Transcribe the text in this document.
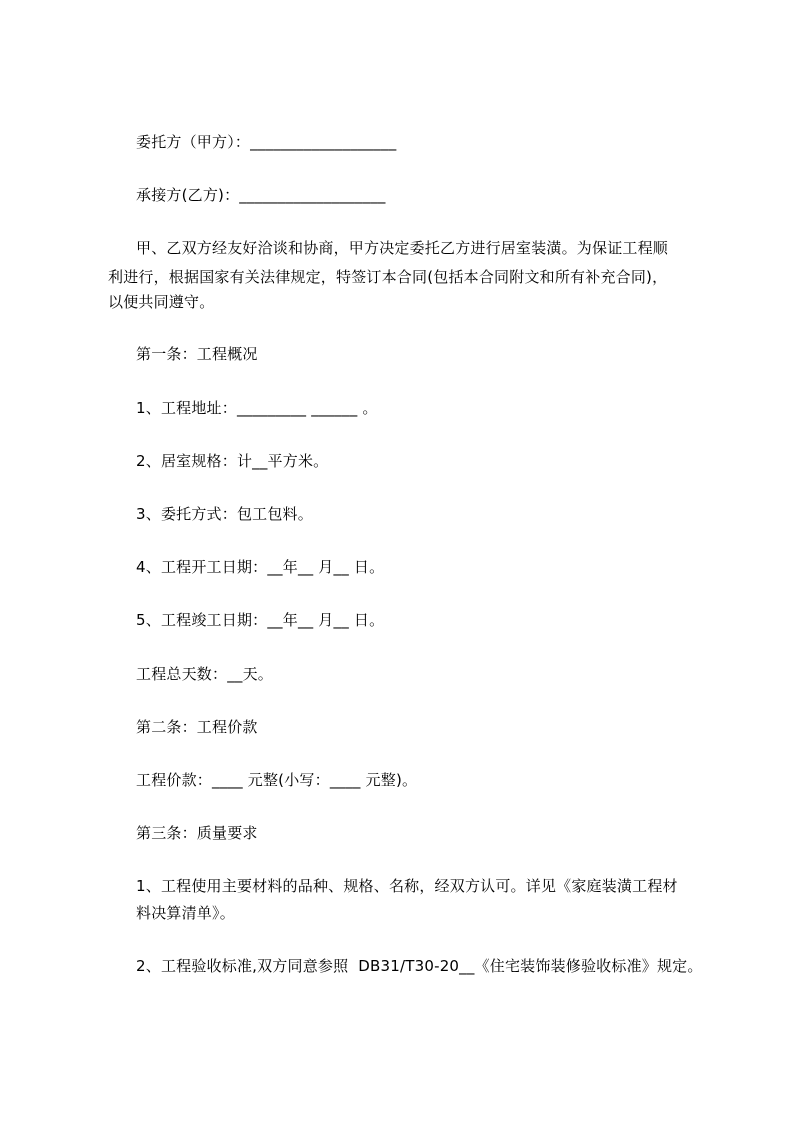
委托方（甲方）：___________________
承接方(乙方)：___________________
甲、乙双方经友好洽谈和协商，甲方决定委托乙方进行居室装潢。为保证工程顺
利进行，根据国家有关法律规定，特签订本合同(包括本合同附文和所有补充合同)，
以便共同遵守。
第一条：工程概况
1、工程地址：_________ ______ 。
2、居室规格：计__平方米。
3、委托方式：包工包料。
4、工程开工日期：__年__ 月__ 日。
5、工程竣工日期：__年__ 月__ 日。
工程总天数：__天。
第二条：工程价款
工程价款：____ 元整(小写：____ 元整)。
第三条：质量要求
1、工程使用主要材料的品种、规格、名称，经双方认可。详见《家庭装潢工程材
料决算清单》。
2、工程验收标准,双方同意参照  DB31/T30-20__《住宅装饰装修验收标准》规定。
